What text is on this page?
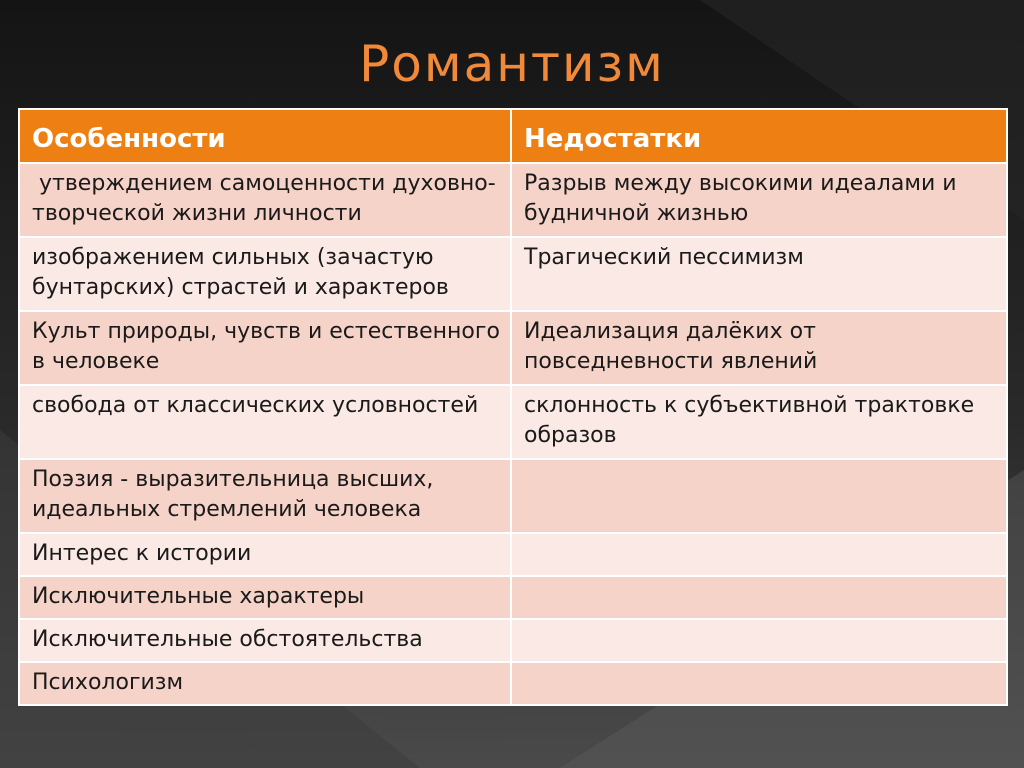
Романтизм
Особенности	Недостатки
утверждением самоценности духовно-творческой жизни личности	Разрыв между высокими идеалами и будничной жизнью
изображением сильных (зачастую бунтарских) страстей и характеров	Трагический пессимизм
Культ природы, чувств и естественного в человеке	Идеализация далёких от повседневности явлений
свобода от классических условностей	склонность к субъективной трактовке образов
Поэзия - выразительница высших, идеальных стремлений человека	
Интерес к истории	
Исключительные характеры	
Исключительные обстоятельства	
Психологизм	
